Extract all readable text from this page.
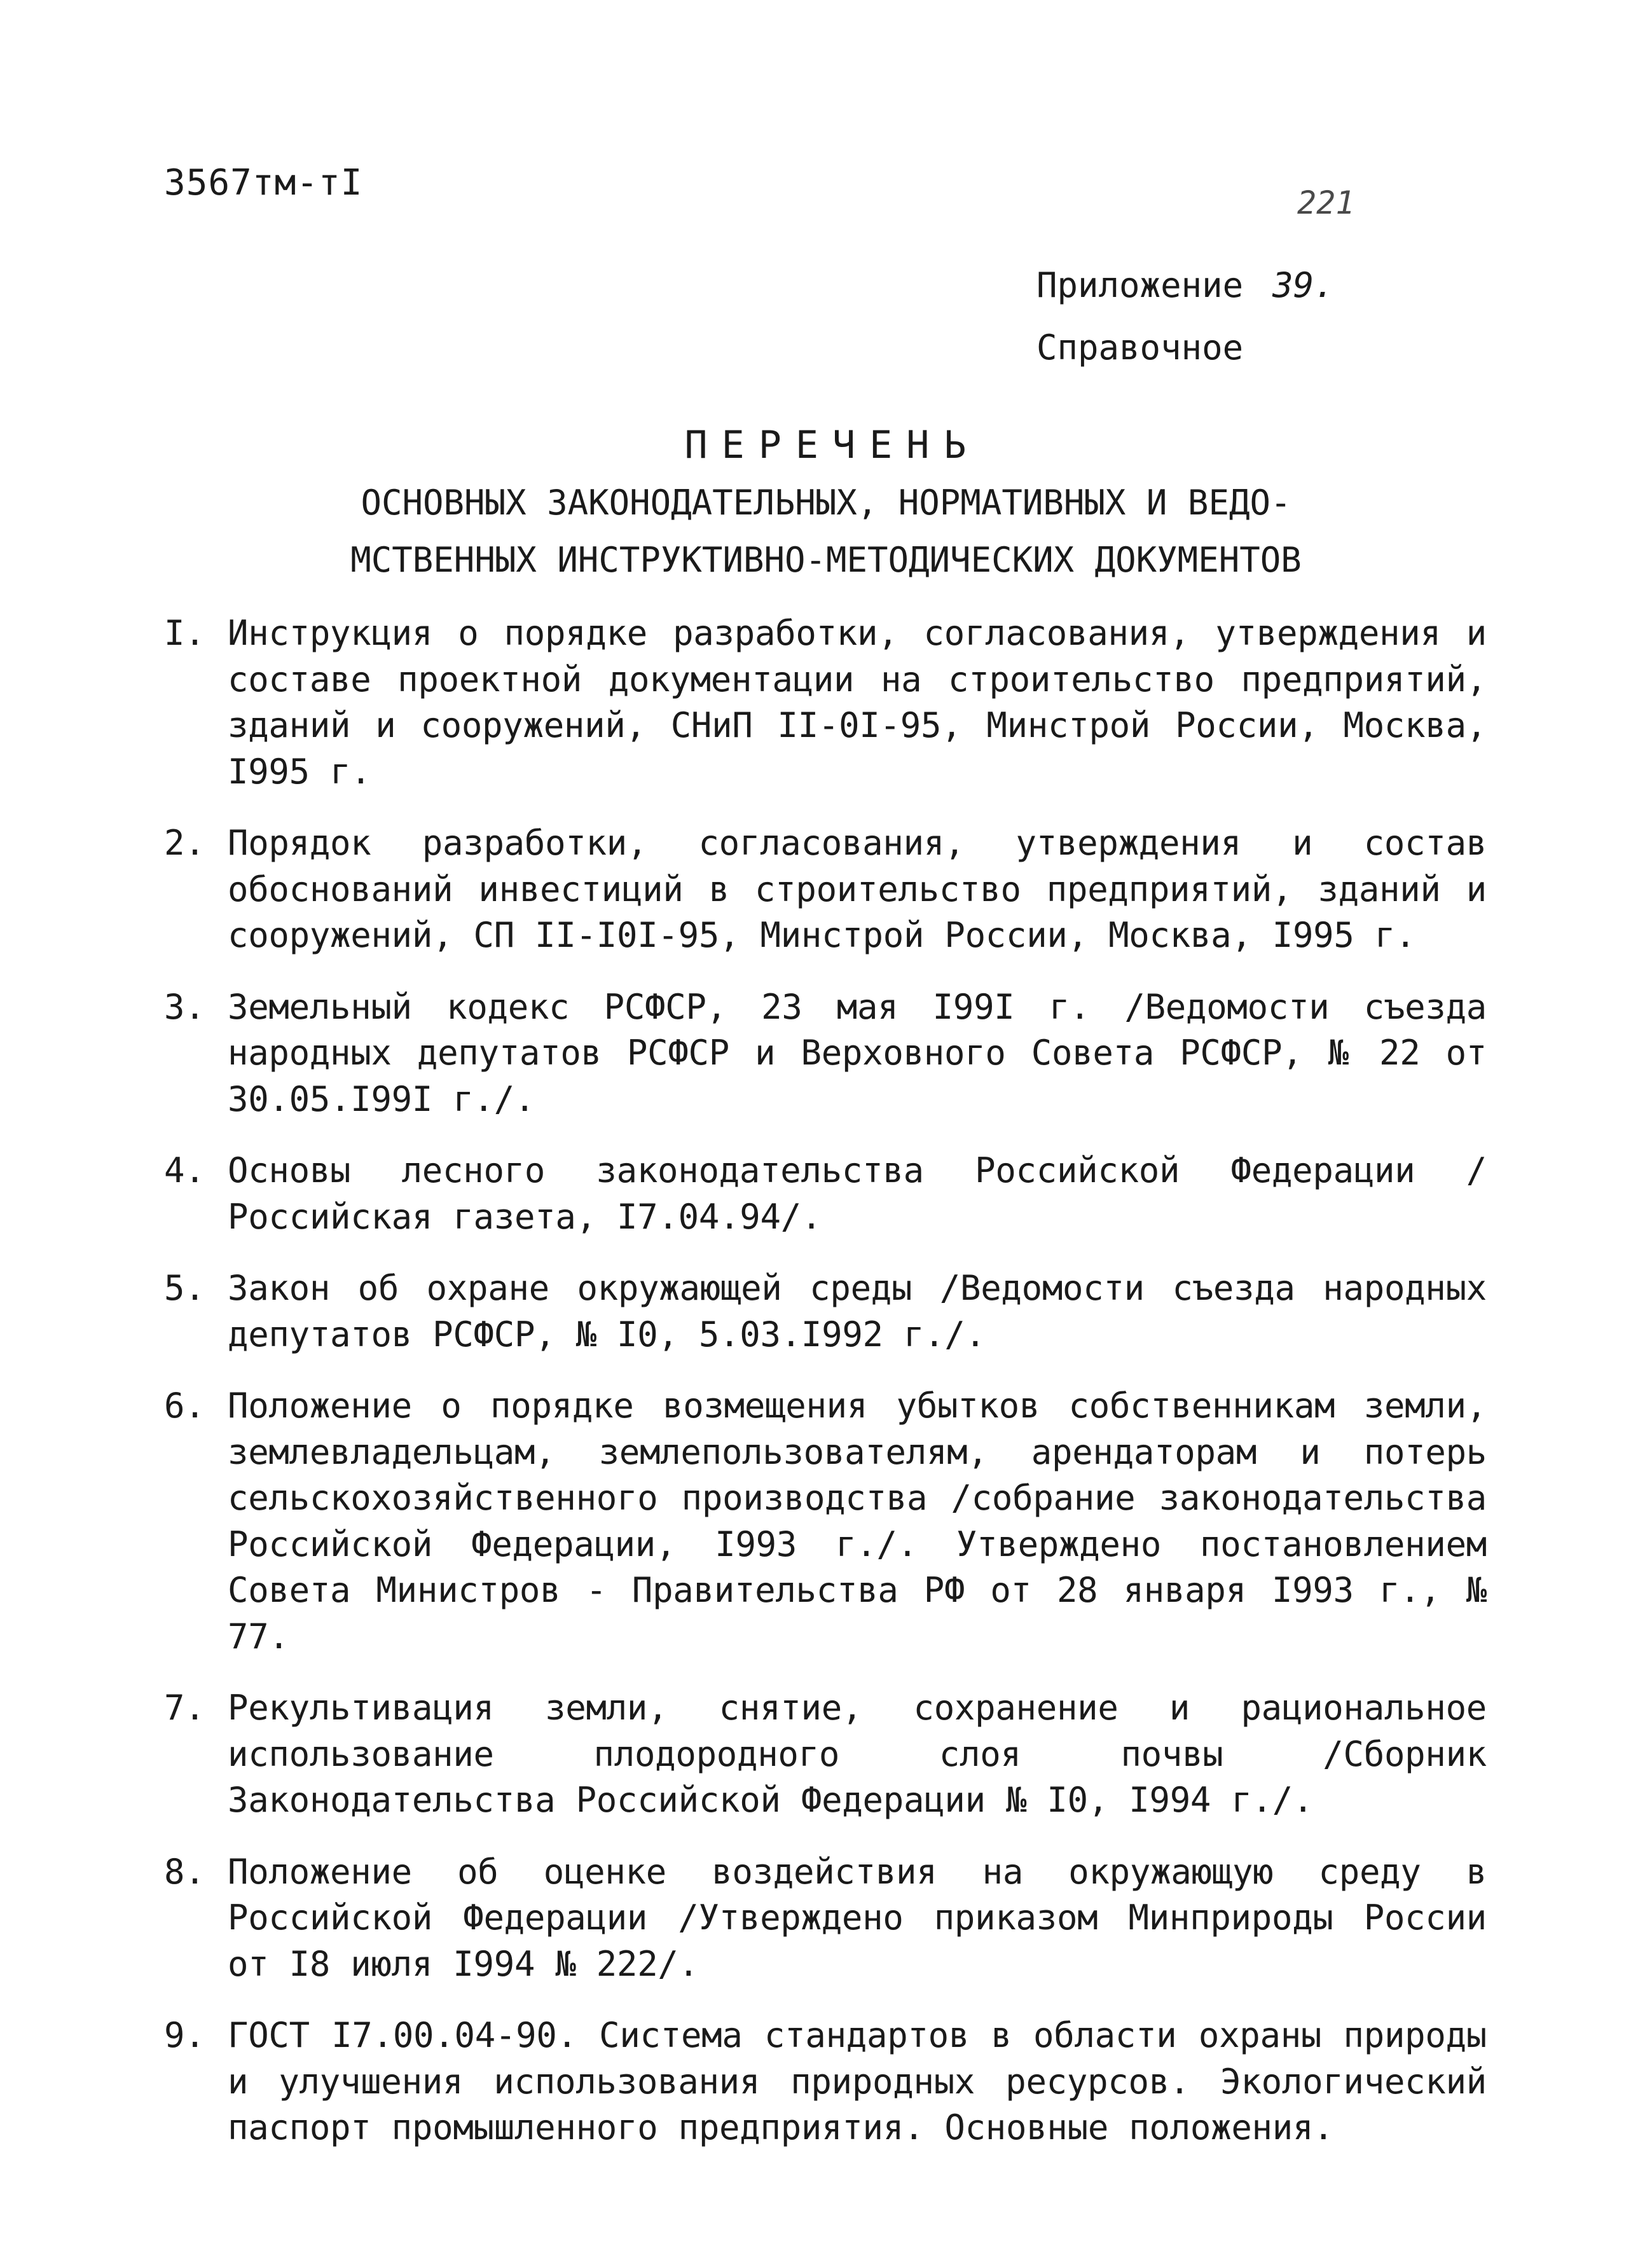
3567тм-тI	221
Приложение 39.
Справочное
ПЕРЕЧЕНЬ
ОСНОВНЫХ ЗАКОНОДАТЕЛЬНЫХ, НОРМАТИВНЫХ И ВЕДО-
МСТВЕННЫХ ИНСТРУКТИВНО-МЕТОДИЧЕСКИХ ДОКУМЕНТОВ
I. Инструкция о порядке разработки, согласования, утверждения и составе проектной документации на строительство предприятий, зданий и сооружений, СНиП II-0I-95, Минстрой России, Москва, I995 г.
2. Порядок разработки, согласования, утверждения и состав обоснований инвестиций в строительство предприятий, зданий и сооружений, СП II-I0I-95, Минстрой России, Москва, I995 г.
3. Земельный кодекс РСФСР, 23 мая I99I г. /Ведомости съезда народных депутатов РСФСР и Верховного Совета РСФСР, № 22 от 30.05.I99I г./.
4. Основы лесного законодательства Российской Федерации /Российская газета, I7.04.94/.
5. Закон об охране окружающей среды /Ведомости съезда народных депутатов РСФСР, № I0, 5.03.I992 г./.
6. Положение о порядке возмещения убытков собственникам земли, землевладельцам, землепользователям, арендаторам и потерь сельскохозяйственного производства /собрание законодательства Российской Федерации, I993 г./. Утверждено постановлением Совета Министров - Правительства РФ от 28 января I993 г., № 77.
7. Рекультивация земли, снятие, сохранение и рациональное использование плодородного слоя почвы /Сборник Законодательства Российской Федерации № I0, I994 г./.
8. Положение об оценке воздействия на окружающую среду в Российской Федерации /Утверждено приказом Минприроды России от I8 июля I994 № 222/.
9. ГОСТ I7.00.04-90. Система стандартов в области охраны природы и улучшения использования природных ресурсов. Экологический паспорт промышленного предприятия. Основные положения.
